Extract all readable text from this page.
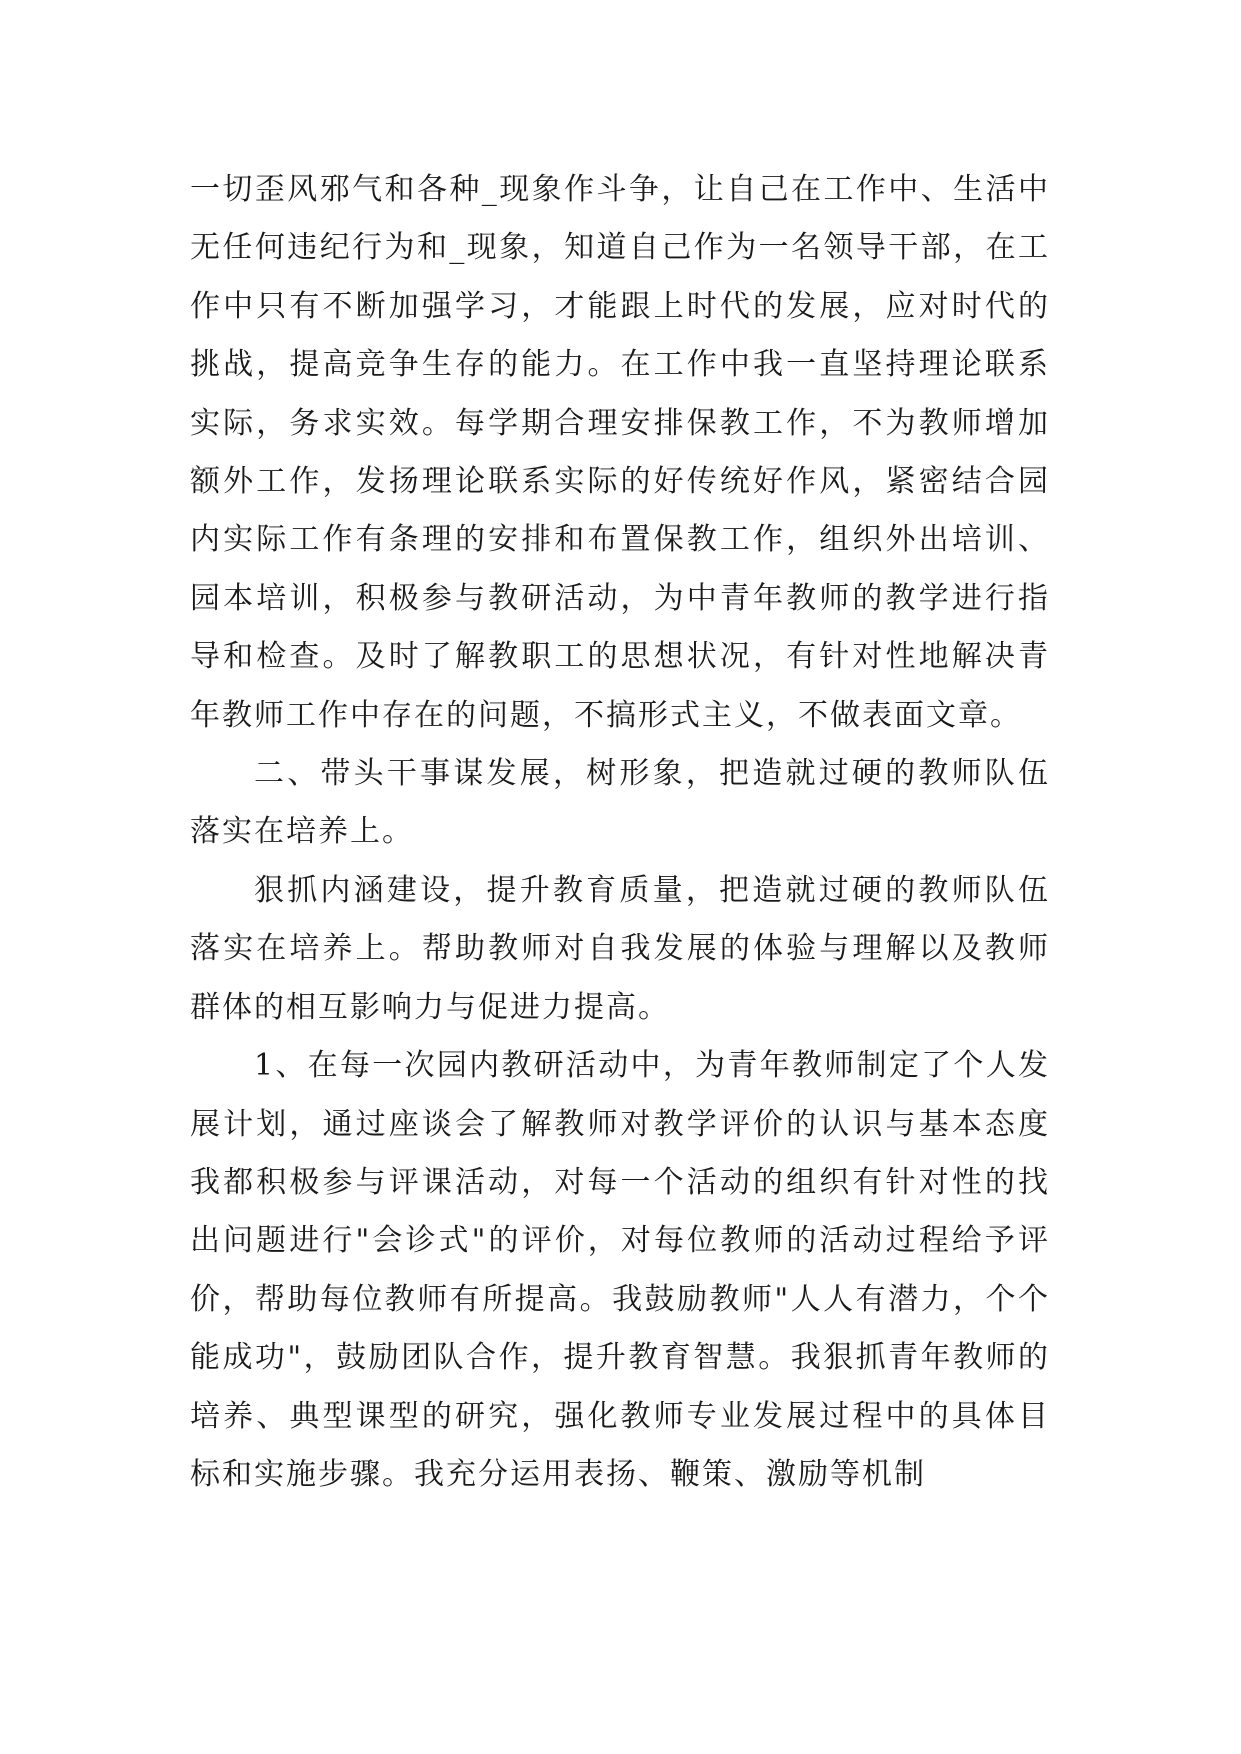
一切歪风邪气和各种_现象作斗争，让自己在工作中、生活中无任何违纪行为和_现象，知道自己作为一名领导干部，在工作中只有不断加强学习，才能跟上时代的发展，应对时代的挑战，提高竞争生存的能力。在工作中我一直坚持理论联系实际，务求实效。每学期合理安排保教工作，不为教师增加额外工作，发扬理论联系实际的好传统好作风，紧密结合园内实际工作有条理的安排和布置保教工作，组织外出培训、园本培训，积极参与教研活动，为中青年教师的教学进行指导和检查。及时了解教职工的思想状况，有针对性地解决青年教师工作中存在的问题，不搞形式主义，不做表面文章。

二、带头干事谋发展，树形象，把造就过硬的教师队伍落实在培养上。

狠抓内涵建设，提升教育质量，把造就过硬的教师队伍落实在培养上。帮助教师对自我发展的体验与理解以及教师群体的相互影响力与促进力提高。

1、在每一次园内教研活动中，为青年教师制定了个人发展计划，通过座谈会了解教师对教学评价的认识与基本态度我都积极参与评课活动，对每一个活动的组织有针对性的找出问题进行"会诊式"的评价，对每位教师的活动过程给予评价，帮助每位教师有所提高。我鼓励教师"人人有潜力，个个能成功"，鼓励团队合作，提升教育智慧。我狠抓青年教师的培养、典型课型的研究，强化教师专业发展过程中的具体目标和实施步骤。我充分运用表扬、鞭策、激励等机制
